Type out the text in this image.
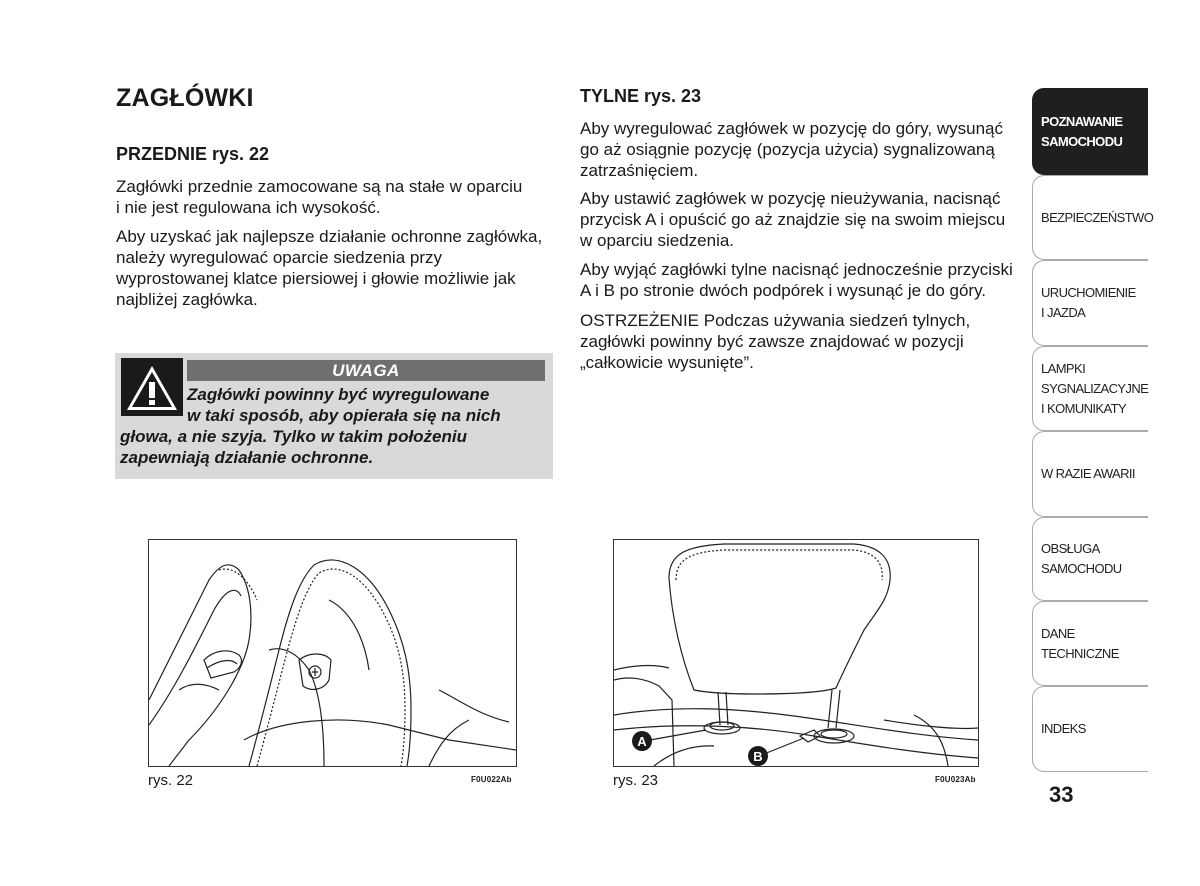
ZAGŁÓWKI

PRZEDNIE rys. 22

Zagłówki przednie zamocowane są na stałe w oparciu
i nie jest regulowana ich wysokość.

Aby uzyskać jak najlepsze działanie ochronne zagłówka,
należy wyregulować oparcie siedzenia przy
wyprostowanej klatce piersiowej i głowie możliwie jak
najbliżej zagłówka.

UWAGA

Zagłówki powinny być wyregulowane

w taki sposób, aby opierała się na nich

głowa, a nie szyja. Tylko w takim położeniu

zapewniają działanie ochronne.

rys. 22	F0U022Ab
A
B
rys. 23	F0U023Ab

TYLNE rys. 23

Aby wyregulować zagłówek w pozycję do góry, wysunąć
go aż osiągnie pozycję (pozycja użycia) sygnalizowaną
zatrzaśnięciem.

Aby ustawić zagłówek w pozycję nieużywania, nacisnąć
przycisk A i opuścić go aż znajdzie się na swoim miejscu
w oparciu siedzenia.

Aby wyjąć zagłówki tylne nacisnąć jednocześnie przyciski
A i B po stronie dwóch podpórek i wysunąć je do góry.

OSTRZEŻENIE Podczas używania siedzeń tylnych,
zagłówki powinny być zawsze znajdować w pozycji
„całkowicie wysunięte”.

POZNAWANIE
SAMOCHODU
BEZPIECZEŃSTWO
URUCHOMIENIE
I JAZDA
LAMPKI
SYGNALIZACYJNE
I KOMUNIKATY
W RAZIE AWARII
OBSŁUGA
SAMOCHODU
DANE
TECHNICZNE
INDEKS
33
